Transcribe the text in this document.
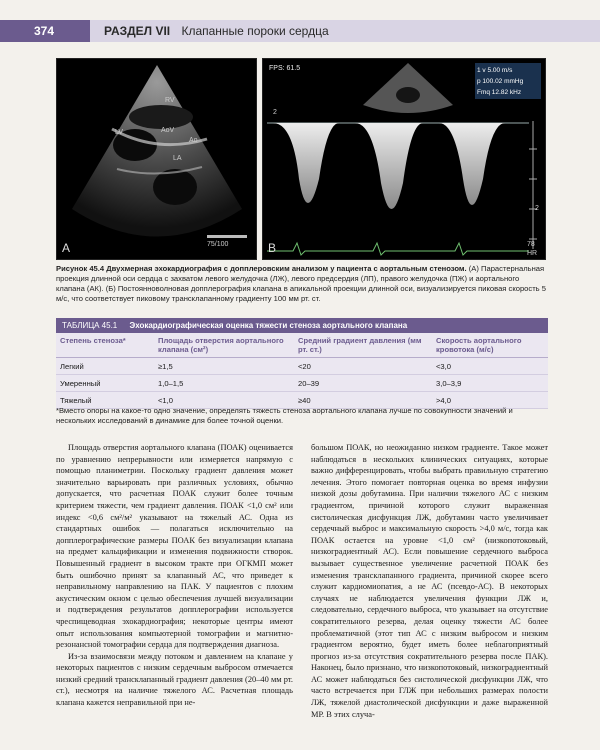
374	РАЗДЕЛ VII Клапанные пороки сердца
RV
LV	AoV
Ao
LA
75/100
A
FPS: 61.5	1 v 5.00 m/s
p 100.02 mmHg
Fmq 12.82 kHz
2
2
78
HR
B
Рисунок 45.4 Двухмерная эхокардиография с допплеровским анализом у пациента с аортальным стенозом. (А) Парастернальная проекция длинной оси сердца с захватом левого желудочка (ЛЖ), левого предсердия (ЛП), правого желудочка (ПЖ) и аортального клапана (АК). (Б) Постоянноволновая допплерография клапана в апикальной проекции длинной оси, визуализируется пиковая скорость 5 м/с, что соответствует пиковому трансклапанному градиенту 100 мм рт. ст.
ТАБЛИЦА 45.1 Эхокардиографическая оценка тяжести стеноза аортального клапана
Степень стеноза*	Площадь отверстия аортального клапана (см²)	Средний градиент давления (мм рт. ст.)	Скорость аортального кровотока (м/с)
Легкий	≥1,5	<20	<3,0
Умеренный	1,0–1,5	20–39	3,0–3,9
Тяжелый	<1,0	≥40	>4,0
*Вместо опоры на какое-то одно значение, определять тяжесть стеноза аортального клапана лучше по совокупности значений и нескольких исследований в динамике для более точной оценки.

Площадь отверстия аортального клапана (ПОАК) оценивается по уравнению непрерывности или измеряется напрямую с помощью планиметрии. Поскольку градиент давления может значительно варьировать при различных условиях, обычно допускается, что расчетная ПОАК служит более точным критерием тяжести, чем градиент давления. ПОАК <1,0 см² или индекс <0,6 см²/м² указывают на тяжелый АС. Одна из стандартных ошибок — полагаться исключительно на допплерографические размеры ПОАК без визуализации клапана на предмет кальцификации и изменения подвижности створок. Повышенный градиент в высоком тракте при ОГКМП может быть ошибочно принят за клапанный АС, что приведет к неправильному направлению на ПАК. У пациентов с плохим акустическим окном с целью обеспечения лучшей визуализации и подтверждения результатов допплерографии используется чреспищеводная эхокардиография; некоторые центры имеют опыт использования компьютерной томографии и магнитно-резонансной томографии сердца для подтверждения диагноза.

Из-за взаимосвязи между потоком и давлением на клапане у некоторых пациентов с низким сердечным выбросом отмечается низкий средний трансклапанный градиент давления (20–40 мм рт. ст.), несмотря на наличие тяжелого АС. Расчетная площадь клапана кажется неправильной при не-

большом ПОАК, но неожиданно низком градиенте. Такое может наблюдаться в нескольких клинических ситуациях, которые важно дифференцировать, чтобы выбрать правильную стратегию лечения. Этого помогает повторная оценка во время инфузии низкой дозы добутамина. При наличии тяжелого АС с низким градиентом, причиной которого служит выраженная систолическая дисфункция ЛЖ, добутамин часто увеличивает сердечный выброс и максимальную скорость >4,0 м/с, тогда как ПОАК остается на уровне <1,0 см² (низкопотоковый, низкоградиентный АС). Если повышение сердечного выброса вызывает существенное увеличение расчетной ПОАК без изменения трансклапанного градиента, причиной скорее всего служит кардиомиопатия, а не АС (псевдо-АС). В некоторых случаях не наблюдается увеличения функции ЛЖ и, следовательно, сердечного выброса, что указывает на отсутствие сократительного резерва, делая оценку тяжести АС более проблематичной (этот тип АС с низким выбросом и низким градиентом вероятно, будет иметь более неблагоприятный прогноз из-за отсутствия сократительного резерва после ПАК). Наконец, было признано, что низкопотоковый, низкоградиентный АС может наблюдаться без систолической дисфункции ЛЖ, что часто встречается при ГЛЖ при небольших размерах полости ЛЖ, тяжелой диастолической дисфункции и даже выраженной МР. В этих случа-
